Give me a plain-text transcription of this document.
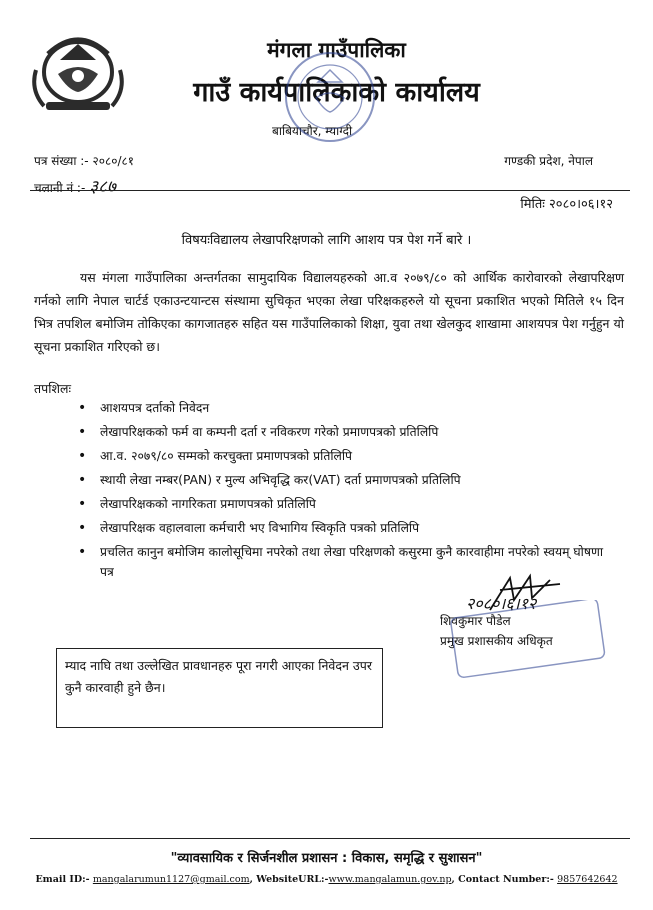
मंगला गाउँपालिका
गाउँ कार्यपालिकाको कार्यालय
बाबियाचौर, म्याग्दी
पत्र संख्या :- २०८०/८१
चलानी नं :- ३८७
गण्डकी प्रदेश, नेपाल
मितिः २०८०।०६।१२
विषयःविद्यालय लेखापरिक्षणको लागि आशय पत्र पेश गर्ने बारे ।
यस मंगला गाउँपालिका अन्तर्गतका सामुदायिक विद्यालयहरुको आ.व २०७९/८० को आर्थिक कारोवारको लेखापरिक्षण गर्नको लागि नेपाल चार्टर्ड एकाउन्टयान्टस संस्थामा सुचिकृत भएका लेखा परिक्षकहरुले यो सूचना प्रकाशित भएको मितिले १५ दिन भित्र तपशिल बमोजिम तोकिएका कागजातहरु सहित यस गाउँपालिकाको शिक्षा, युवा तथा खेलकुद शाखामा आशयपत्र पेश गर्नुहुन यो सूचना प्रकाशित गरिएको छ।
तपशिलः
• आशयपत्र दर्ताको निवेदन
• लेखापरिक्षकको फर्म वा कम्पनी दर्ता र नविकरण गरेको प्रमाणपत्रको प्रतिलिपि
• आ.व. २०७९/८० सम्मको करचुक्ता प्रमाणपत्रको प्रतिलिपि
• स्थायी लेखा नम्बर(PAN) र मुल्य अभिवृद्धि कर(VAT) दर्ता प्रमाणपत्रको प्रतिलिपि
• लेखापरिक्षकको नागरिकता प्रमाणपत्रको प्रतिलिपि
• लेखापरिक्षक वहालवाला कर्मचारी भए विभागिय स्विकृति पत्रको प्रतिलिपि
• प्रचलित कानुन बमोजिम कालोसूचिमा नपरेको तथा लेखा परिक्षणको कसुरमा कुनै कारवाहीमा नपरेको स्वयम् घोषणा पत्र
२०८०।६।१२
शिवकुमार पौडेल
प्रमुख प्रशासकीय अधिकृत
म्याद नाघि तथा उल्लेखित प्रावधानहरु पूरा नगरी आएका निवेदन उपर कुनै कारवाही हुने छैन।
"व्यावसायिक र सिर्जनशील प्रशासन : विकास, समृद्धि र सुशासन"
Email ID:- mangalarumun1127@gmail.com, WebsiteURL:-www.mangalamun.gov.np, Contact Number:- 9857642642
